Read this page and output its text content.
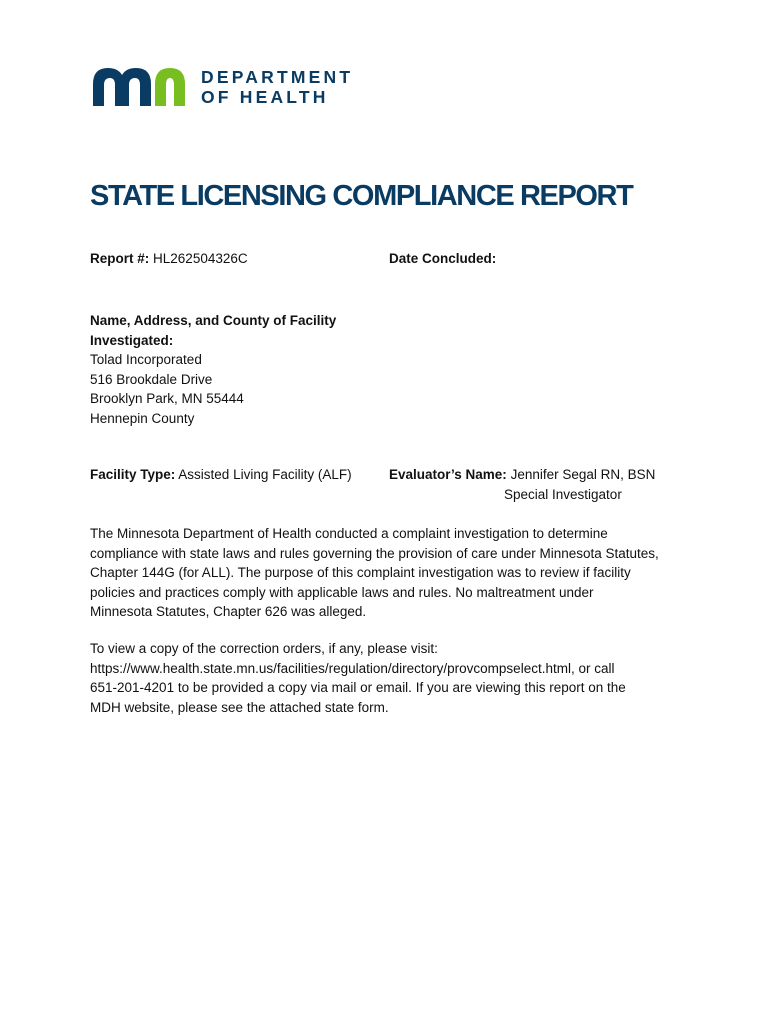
DEPARTMENT
OF HEALTH
STATE LICENSING COMPLIANCE REPORT
Report #: HL262504326C	Date Concluded:
Name, Address, and County of Facility
Investigated:
Tolad Incorporated
516 Brookdale Drive
Brooklyn Park, MN 55444
Hennepin County
Facility Type: Assisted Living Facility (ALF)	Evaluator’s Name: Jennifer Segal RN, BSN
Special Investigator
The Minnesota Department of Health conducted a complaint investigation to determine
compliance with state laws and rules governing the provision of care under Minnesota Statutes,
Chapter 144G (for ALL). The purpose of this complaint investigation was to review if facility
policies and practices comply with applicable laws and rules. No maltreatment under
Minnesota Statutes, Chapter 626 was alleged.
To view a copy of the correction orders, if any, please visit:
https://www.health.state.mn.us/facilities/regulation/directory/provcompselect.html, or call
651-201-4201 to be provided a copy via mail or email. If you are viewing this report on the
MDH website, please see the attached state form.
